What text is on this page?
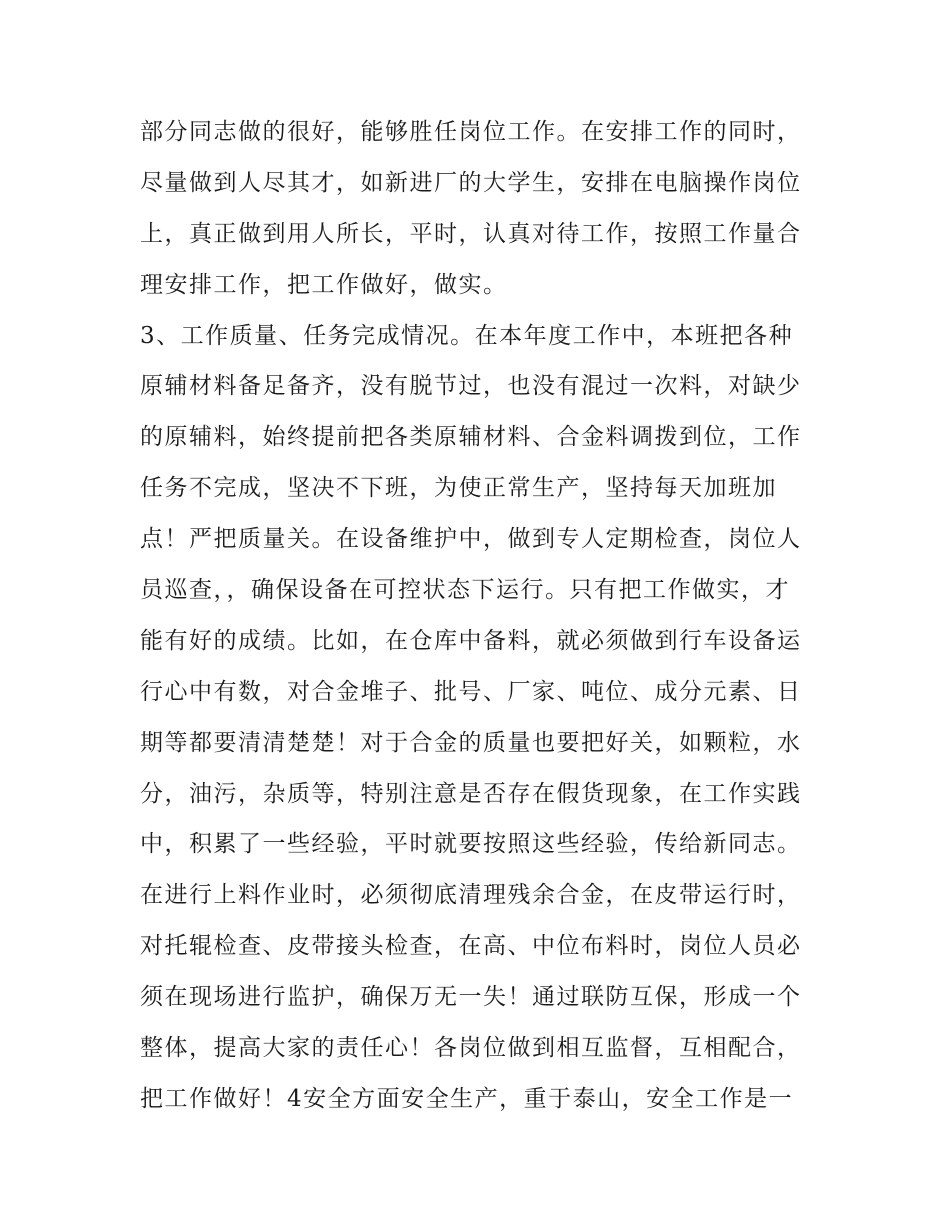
部分同志做的很好，能够胜任岗位工作。在安排工作的同时，
尽量做到人尽其才，如新进厂的大学生，安排在电脑操作岗位
上，真正做到用人所长，平时，认真对待工作，按照工作量合
理安排工作，把工作做好，做实。
3、工作质量、任务完成情况。在本年度工作中，本班把各种
原辅材料备足备齐，没有脱节过，也没有混过一次料，对缺少
的原辅料，始终提前把各类原辅材料、合金料调拨到位，工作
任务不完成，坚决不下班，为使正常生产，坚持每天加班加
点！严把质量关。在设备维护中，做到专人定期检查，岗位人
员巡查，，确保设备在可控状态下运行。只有把工作做实，才
能有好的成绩。比如，在仓库中备料，就必须做到行车设备运
行心中有数，对合金堆子、批号、厂家、吨位、成分元素、日
期等都要清清楚楚！对于合金的质量也要把好关，如颗粒，水
分，油污，杂质等，特别注意是否存在假货现象，在工作实践
中，积累了一些经验，平时就要按照这些经验，传给新同志。
在进行上料作业时，必须彻底清理残余合金，在皮带运行时，
对托辊检查、皮带接头检查，在高、中位布料时，岗位人员必
须在现场进行监护，确保万无一失！通过联防互保，形成一个
整体，提高大家的责任心！各岗位做到相互监督，互相配合，
把工作做好！4安全方面安全生产，重于泰山，安全工作是一
